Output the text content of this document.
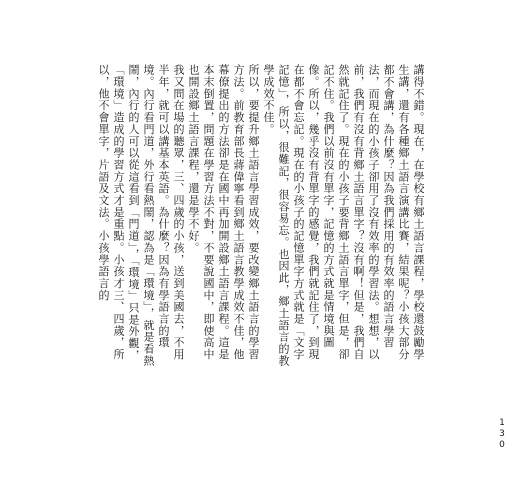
講得不錯。現在，在學校有鄉土語言課程，學校還鼓勵學生講，還有各種鄉土語言演講比賽，結果呢？小孩大部分都不會講，為什麼？因為我們採用的有效率的語言學習法，而現在的小孩子卻用了沒有效率的學習法。想想，以前，我們有沒有背鄉土語言單字？沒有啊！但是，我們自然就記住了。現在的小孩子要背鄉土語言單字，但是，卻記不住。我們以前沒有單字，記憶的方式就是情境與圖像。所以，幾乎沒有背單字的感覺，我們就記住了，到現在都不會忘記。現在的小孩子的記憶單字方式就是「文字記憶」，所以，很難記，很容易忘。也因此，鄉土語言的教學成效不佳。

所以，要提升鄉土語言學習成效，要改變鄉土語言的學習方法。前教育部長蔣偉寧看到鄉土語言教學成效不佳，他幕僚提出的方法卻是在國中再加開設鄉土語言課程。這是本末倒置，問題在學習方法不對，不要說國中，即使高中也開設鄉土語言課程，還是學不好。

我又問在場的聽眾，三、四歲的小孩，送到美國去，不用半年，就可以講基本英語。為什麼？因為有學語言的環境。內行看門道，外行看熱鬧，認為是「環境」，就是看熱鬧，內行的人可以從這看到「門道」，「環境」只是外觀，「環境」造成的學習方式才是重點。小孩才三、四歲，所以，他不會單字，片語及文法。小孩學語言的

130
